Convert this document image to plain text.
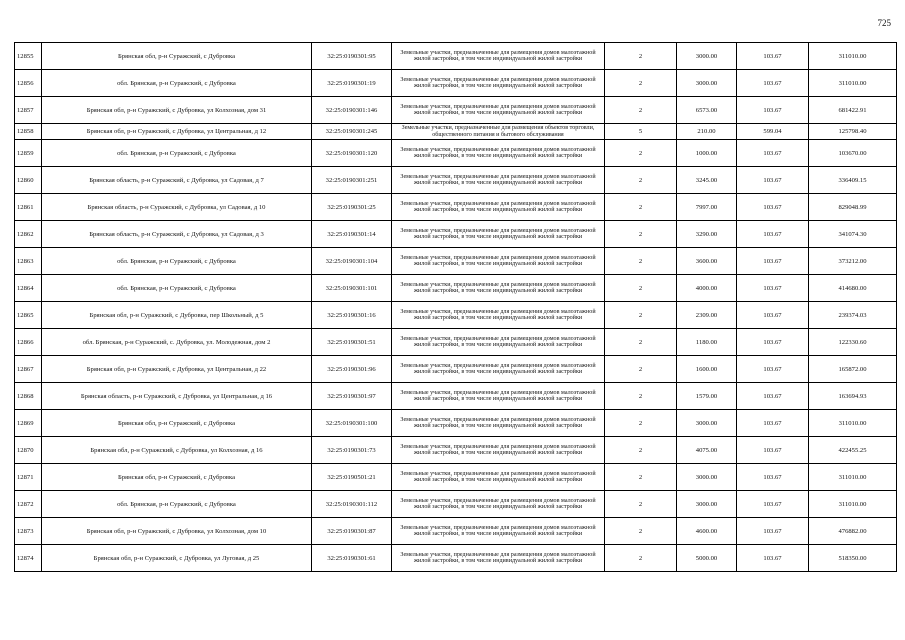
725
12855	Брянская обл, р-н Суражский, с Дубровка	32:25:0190301:95	Земельные участки, предназначенные для размещения домов малоэтажной жилой застройки, в том числе индивидуальной жилой застройки	2	3000.00	103.67	311010.00
12856	обл. Брянская, р-н Суражский, с Дубровка	32:25:0190301:19	Земельные участки, предназначенные для размещения домов малоэтажной жилой застройки, в том числе индивидуальной жилой застройки	2	3000.00	103.67	311010.00
12857	Брянская обл, р-н Суражский, с Дубровка, ул Колхозная, дом 31	32:25:0190301:146	Земельные участки, предназначенные для размещения домов малоэтажной жилой застройки, в том числе индивидуальной жилой застройки	2	6573.00	103.67	681422.91
12858	Брянская обл, р-н Суражский, с Дубровка, ул Центральная, д 12	32:25:0190301:245	Земельные участки, предназначенные для размещения объектов торговли, общественного питания и бытового обслуживания	5	210.00	599.04	125798.40
12859	обл. Брянская, р-н Суражский, с Дубровка	32:25:0190301:120	Земельные участки, предназначенные для размещения домов малоэтажной жилой застройки, в том числе индивидуальной жилой застройки	2	1000.00	103.67	103670.00
12860	Брянская область, р-н Суражский, с Дубровка, ул Садовая, д 7	32:25:0190301:251	Земельные участки, предназначенные для размещения домов малоэтажной жилой застройки, в том числе индивидуальной жилой застройки	2	3245.00	103.67	336409.15
12861	Брянская область, р-н Суражский, с Дубровка, ул Садовая, д 10	32:25:0190301:25	Земельные участки, предназначенные для размещения домов малоэтажной жилой застройки, в том числе индивидуальной жилой застройки	2	7997.00	103.67	829048.99
12862	Брянская область, р-н Суражский, с Дубровка, ул Садовая, д 3	32:25:0190301:14	Земельные участки, предназначенные для размещения домов малоэтажной жилой застройки, в том числе индивидуальной жилой застройки	2	3290.00	103.67	341074.30
12863	обл. Брянская, р-н Суражский, с Дубровка	32:25:0190301:104	Земельные участки, предназначенные для размещения домов малоэтажной жилой застройки, в том числе индивидуальной жилой застройки	2	3600.00	103.67	373212.00
12864	обл. Брянская, р-н Суражский, с Дубровка	32:25:0190301:101	Земельные участки, предназначенные для размещения домов малоэтажной жилой застройки, в том числе индивидуальной жилой застройки	2	4000.00	103.67	414680.00
12865	Брянская обл, р-н Суражский, с Дубровка, пер Школьный, д 5	32:25:0190301:16	Земельные участки, предназначенные для размещения домов малоэтажной жилой застройки, в том числе индивидуальной жилой застройки	2	2309.00	103.67	239374.03
12866	обл. Брянская, р-н Суражский, с. Дубровка, ул. Молодежная, дом 2	32:25:0190301:51	Земельные участки, предназначенные для размещения домов малоэтажной жилой застройки, в том числе индивидуальной жилой застройки	2	1180.00	103.67	122330.60
12867	Брянская обл, р-н Суражский, с Дубровка, ул Центральная, д 22	32:25:0190301:96	Земельные участки, предназначенные для размещения домов малоэтажной жилой застройки, в том числе индивидуальной жилой застройки	2	1600.00	103.67	165872.00
12868	Брянская область, р-н Суражский, с Дубровка, ул Центральная, д 16	32:25:0190301:97	Земельные участки, предназначенные для размещения домов малоэтажной жилой застройки, в том числе индивидуальной жилой застройки	2	1579.00	103.67	163694.93
12869	Брянская обл, р-н Суражский, с Дубровка	32:25:0190301:100	Земельные участки, предназначенные для размещения домов малоэтажной жилой застройки, в том числе индивидуальной жилой застройки	2	3000.00	103.67	311010.00
12870	Брянская обл, р-н Суражский, с Дубровка, ул Колхозная, д 16	32:25:0190301:73	Земельные участки, предназначенные для размещения домов малоэтажной жилой застройки, в том числе индивидуальной жилой застройки	2	4075.00	103.67	422455.25
12871	Брянская обл, р-н Суражский, с Дубровка	32:25:0190501:21	Земельные участки, предназначенные для размещения домов малоэтажной жилой застройки, в том числе индивидуальной жилой застройки	2	3000.00	103.67	311010.00
12872	обл. Брянская, р-н Суражский, с Дубровка	32:25:0190301:112	Земельные участки, предназначенные для размещения домов малоэтажной жилой застройки, в том числе индивидуальной жилой застройки	2	3000.00	103.67	311010.00
12873	Брянская обл, р-н Суражский, с Дубровка, ул Колхозная, дом 10	32:25:0190301:87	Земельные участки, предназначенные для размещения домов малоэтажной жилой застройки, в том числе индивидуальной жилой застройки	2	4600.00	103.67	476882.00
12874	Брянская обл, р-н Суражский, с Дубровка, ул Луговая, д 25	32:25:0190301:61	Земельные участки, предназначенные для размещения домов малоэтажной жилой застройки, в том числе индивидуальной жилой застройки	2	5000.00	103.67	518350.00
